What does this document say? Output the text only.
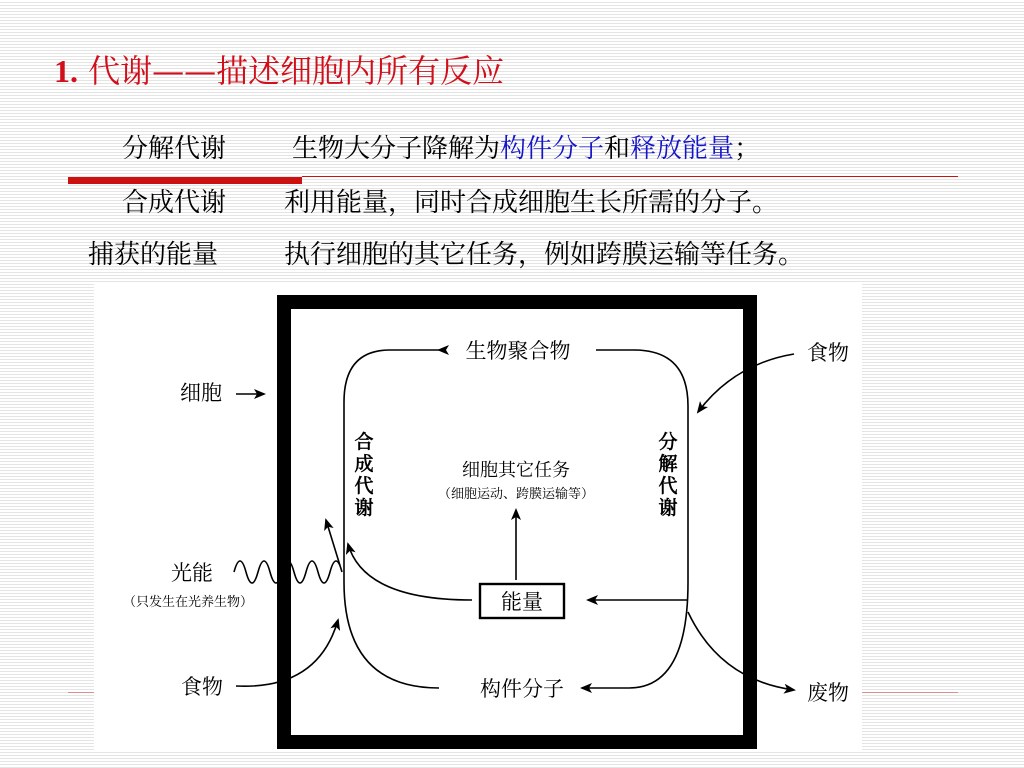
1. 代谢——描述细胞内所有反应
分解代谢	生物大分子降解为构件分子和释放能量；
合成代谢 利用能量，同时合成细胞生长所需的分子。
捕获的能量	执行细胞的其它任务，例如跨膜运输等任务。
生物聚合物	食物
细胞
合
成
代
谢
分
解
代
谢
细胞其它任务
（细胞运动、跨膜运输等）
光能
（只发生在光养生物）	能量
食物	构件分子	废物
